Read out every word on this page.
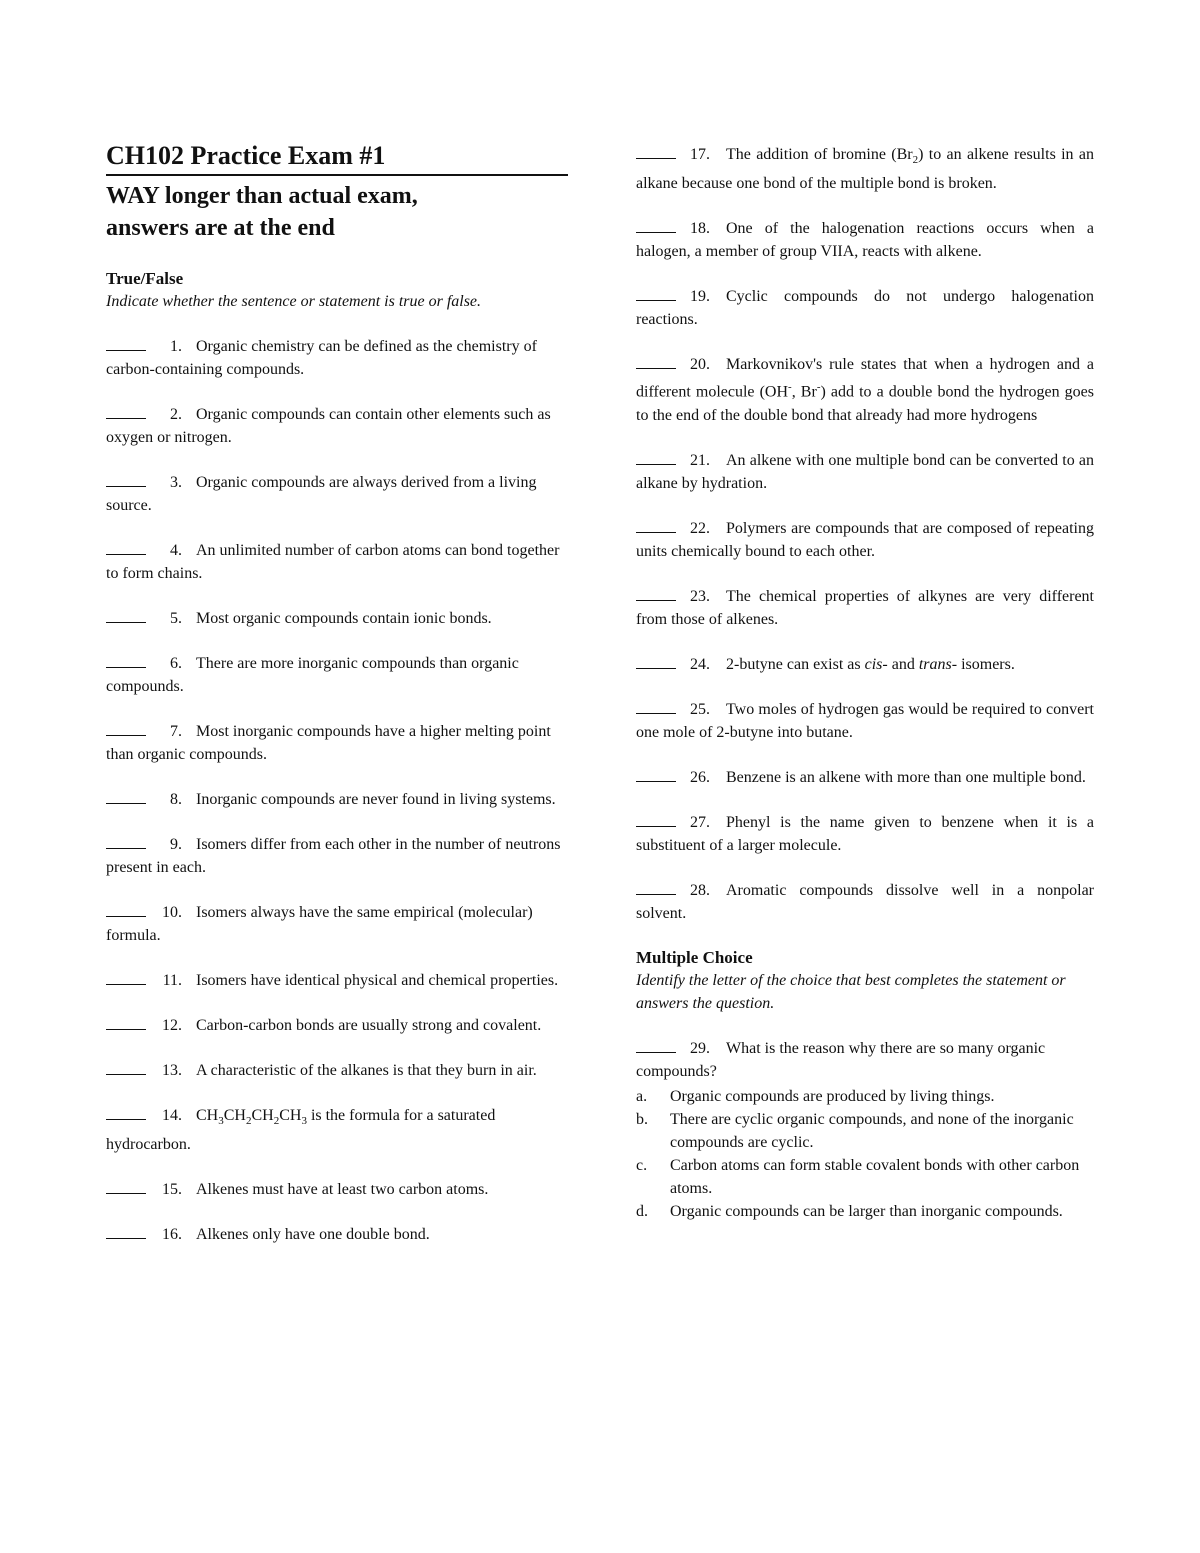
CH102 Practice Exam #1
WAY longer than actual exam,
answers are at the end
True/False
Indicate whether the sentence or statement is true or false.
1. Organic chemistry can be defined as the chemistry of carbon-containing compounds.
2. Organic compounds can contain other elements such as oxygen or nitrogen.
3. Organic compounds are always derived from a living source.
4. An unlimited number of carbon atoms can bond together to form chains.
5. Most organic compounds contain ionic bonds.
6. There are more inorganic compounds than organic compounds.
7. Most inorganic compounds have a higher melting point than organic compounds.
8. Inorganic compounds are never found in living systems.
9. Isomers differ from each other in the number of neutrons present in each.
10. Isomers always have the same empirical (molecular) formula.
11. Isomers have identical physical and chemical properties.
12. Carbon-carbon bonds are usually strong and covalent.
13. A characteristic of the alkanes is that they burn in air.
14. $CH_3CH_2CH_2CH_3$ is the formula for a saturated hydrocarbon.
15. Alkenes must have at least two carbon atoms.
16. Alkenes only have one double bond.
17. The addition of bromine $(Br_2)$ to an alkene results in an alkane because one bond of the multiple bond is broken.
18. One of the halogenation reactions occurs when a halogen, a member of group VIIA, reacts with alkene.
19. Cyclic compounds do not undergo halogenation reactions.
20. Markovnikov's rule states that when a hydrogen and a different molecule (OH-, Br-) add to a double bond the hydrogen goes to the end of the double bond that already had more hydrogens
21. An alkene with one multiple bond can be converted to an alkane by hydration.
22. Polymers are compounds that are composed of repeating units chemically bound to each other.
23. The chemical properties of alkynes are very different from those of alkenes.
24. 2-butyne can exist as cis- and trans- isomers.
25. Two moles of hydrogen gas would be required to convert one mole of 2-butyne into butane.
26. Benzene is an alkene with more than one multiple bond.
27. Phenyl is the name given to benzene when it is a substituent of a larger molecule.
28. Aromatic compounds dissolve well in a nonpolar solvent.
Multiple Choice
Identify the letter of the choice that best completes the statement or answers the question.
29. What is the reason why there are so many organic compounds?
a.	Organic compounds are produced by living things.
b.	There are cyclic organic compounds, and none of the inorganic compounds are cyclic.
c.	Carbon atoms can form stable covalent bonds with other carbon atoms.
d.	Organic compounds can be larger than inorganic compounds.
